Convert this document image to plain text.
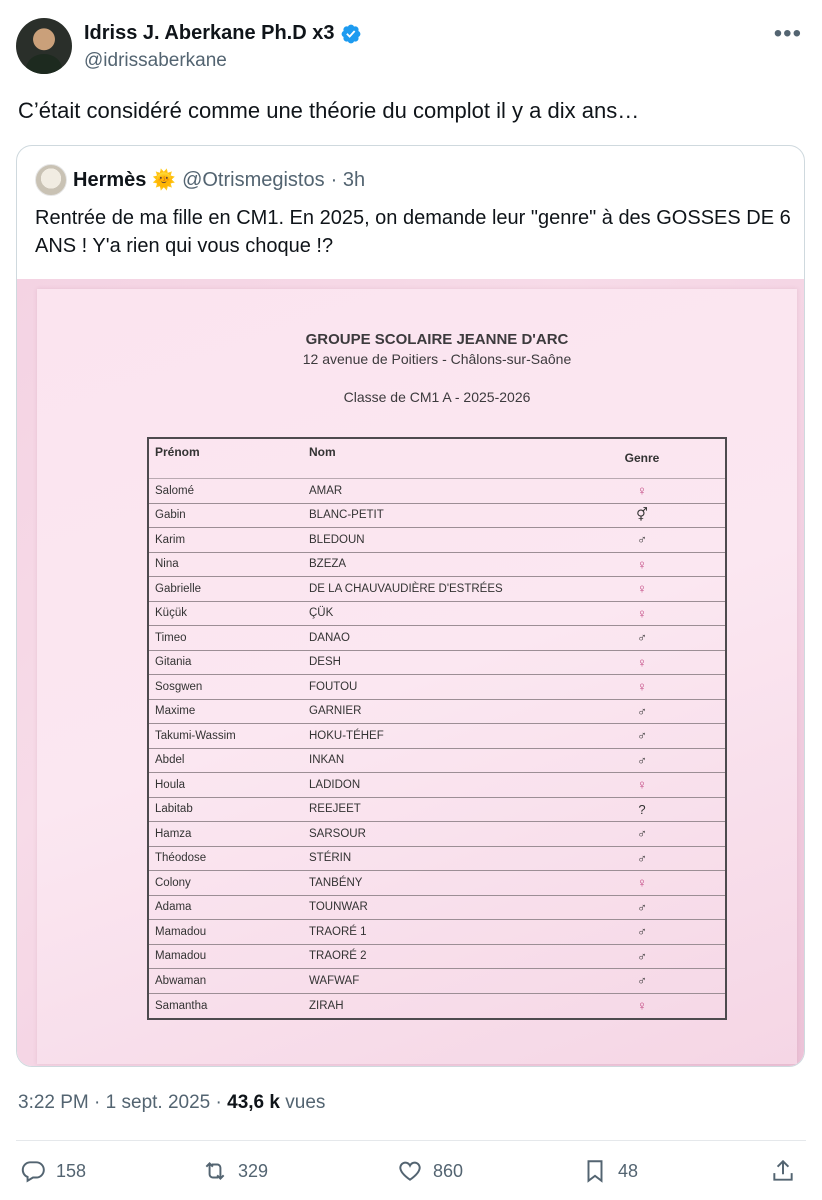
Idriss J. Aberkane Ph.D x3
@idrissaberkane
•••
C’était considéré comme une théorie du complot il y a dix ans…
Hermès 🌞 @Otrismegistos · 3h
Rentrée de ma fille en CM1. En 2025, on demande leur "genre" à des GOSSES DE 6 ANS ! Y'a rien qui vous choque !?
GROUPE SCOLAIRE JEANNE D'ARC
12 avenue de Poitiers - Châlons-sur-Saône
Classe de CM1 A - 2025-2026
Prénom	Nom	Genre
Salomé	AMAR	♀
Gabin	BLANC-PETIT	⚥
Karim	BLEDOUN	♂
Nina	BZEZA	♀
Gabrielle	DE LA CHAUVAUDIÈRE D'ESTRÉES	♀
Küçük	ÇÜK	♀
Timeo	DANAO	♂
Gitania	DESH	♀
Sosgwen	FOUTOU	♀
Maxime	GARNIER	♂
Takumi-Wassim	HOKU-TÉHEF	♂
Abdel	INKAN	♂
Houla	LADIDON	♀
Labitab	REEJEET	?
Hamza	SARSOUR	♂
Théodose	STÉRIN	♂
Colony	TANBÉNY	♀
Adama	TOUNWAR	♂
Mamadou	TRAORÉ 1	♂
Mamadou	TRAORÉ 2	♂
Abwaman	WAFWAF	♂
Samantha	ZIRAH	♀
3:22 PM · 1 sept. 2025 · 43,6 k vues
158	329	860	48
